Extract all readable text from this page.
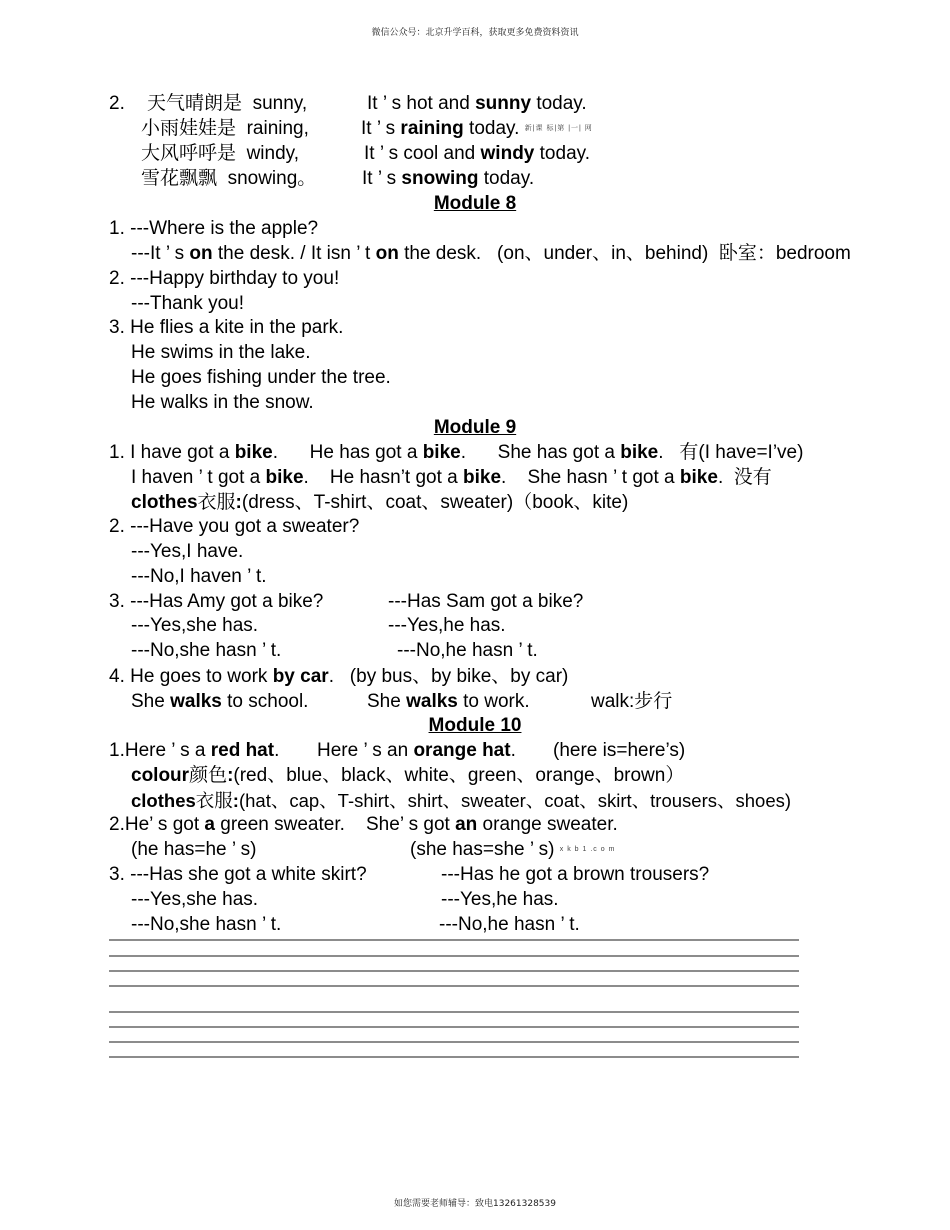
微信公众号：北京升学百科，获取更多免费资料资讯
2. 天气晴朗是 sunny,	It ’ s hot and sunny today.
小雨娃娃是 raining,	It ’ s raining today. 新|课 标|第 |一| 网
大风呼呼是 windy,	It ’ s cool and windy today.
雪花飘飘 snowing。 It ’ s snowing today.
Module 8
1. ---Where is the apple?
---It ’ s on the desk. / It isn ’ t on the desk.   (on、under、in、behind)  卧室：bedroom
2. ---Happy birthday to you!
---Thank you!
3. He flies a kite in the park.
He swims in the lake.
He goes fishing under the tree.
He walks in the snow.
Module 9
1. I have got a bike.      He has got a bike.      She has got a bike.   有(I have=I’ve)
I haven ’ t got a bike.    He hasn’t got a bike.    She hasn ’ t got a bike.  没有
clothes衣服:(dress、T-shirt、coat、sweater)（book、kite)
2. ---Have you got a sweater?
---Yes,I have.
---No,I haven ’ t.
3. ---Has Amy got a bike?	---Has Sam got a bike?
---Yes,she has.	---Yes,he has.
---No,she hasn ’ t.	---No,he hasn ’ t.
4. He goes to work by car.   (by bus、by bike、by car)
She walks to school.	She walks to work.	walk:步行
Module 10
1.Here ’ s a red hat. Here ’ s an orange hat. (here is=here’s)
colour颜色:(red、blue、black、white、green、orange、brown）
clothes衣服:(hat、cap、T-shirt、shirt、sweater、coat、skirt、trousers、shoes)
2.He’ s got a green sweater.    She’ s got an orange sweater.
(he has=he ’ s)	(she has=she ’ s) x k b 1 .c o m
3. ---Has she got a white skirt?	---Has he got a brown trousers?
---Yes,she has.	---Yes,he has.
---No,she hasn ’ t.	---No,he hasn ’ t.
如您需要老师辅导：致电13261328539
